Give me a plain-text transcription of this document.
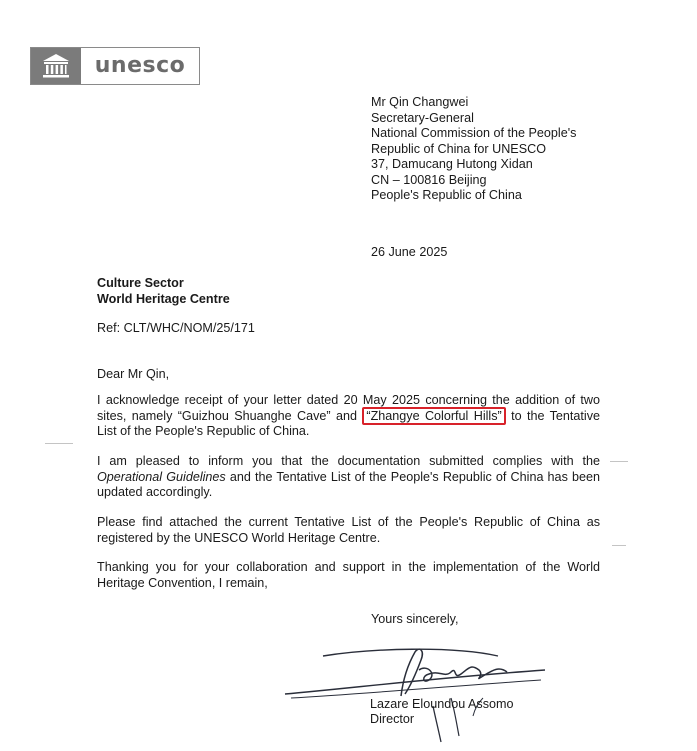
unesco
Mr Qin Changwei
Secretary-General
National Commission of the People's
Republic of China for UNESCO
37, Damucang Hutong Xidan
CN – 100816 Beijing
People's Republic of China
26 June 2025
Culture Sector
World Heritage Centre
Ref: CLT/WHC/NOM/25/171
Dear Mr Qin,
I acknowledge receipt of your letter dated 20 May 2025 concerning the addition of two sites, namely “Guizhou Shuanghe Cave” and “Zhangye Colorful Hills” to the Tentative List of the People's Republic of China.
I am pleased to inform you that the documentation submitted complies with the Operational Guidelines and the Tentative List of the People's Republic of China has been updated accordingly.
Please find attached the current Tentative List of the People's Republic of China as registered by the UNESCO World Heritage Centre.
Thanking you for your collaboration and support in the implementation of the World Heritage Convention, I remain,
Yours sincerely,
Lazare Eloundou Assomo
Director
